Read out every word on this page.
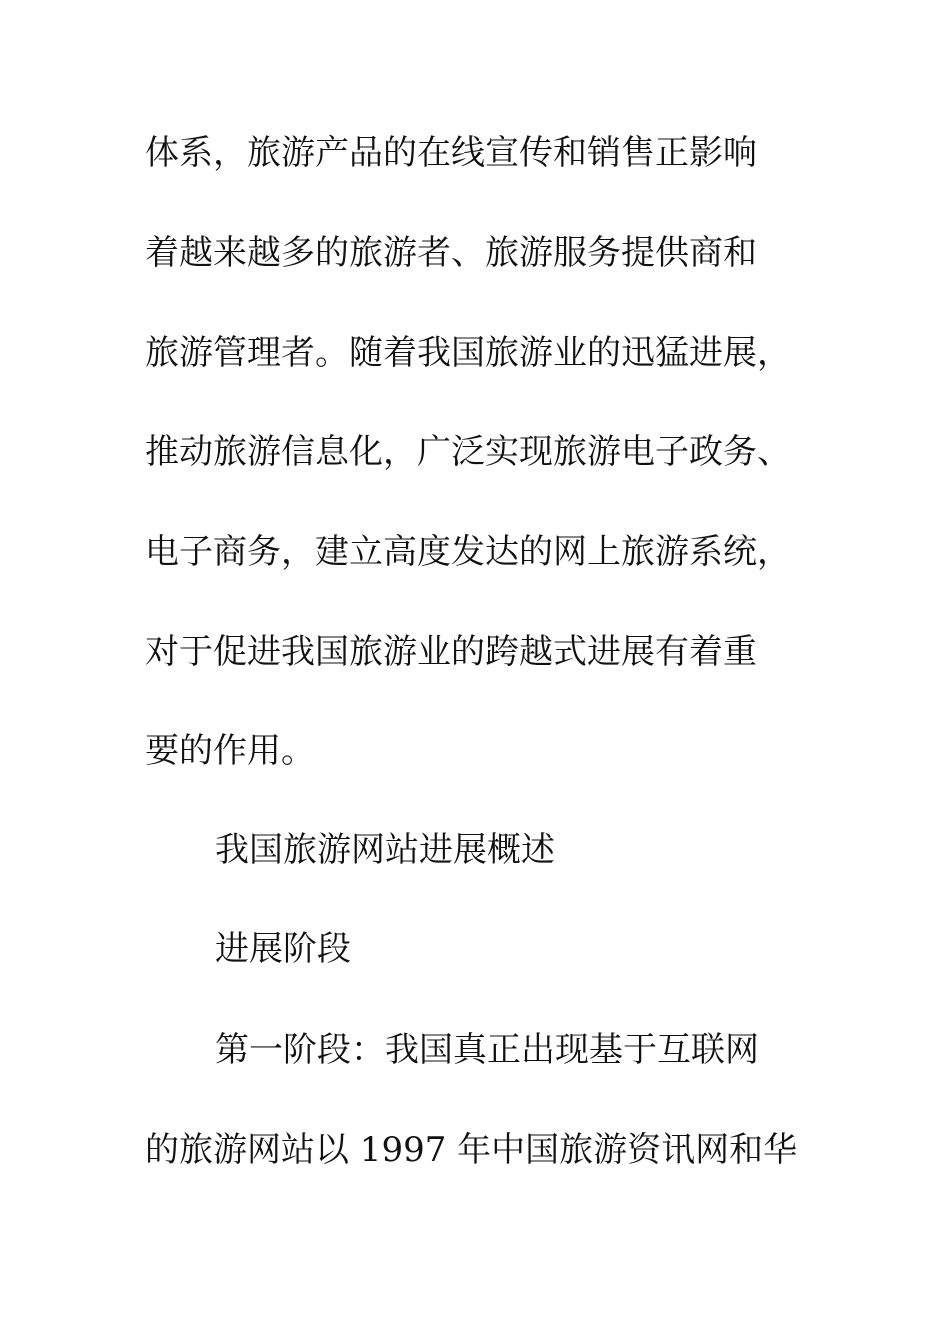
体系，旅游产品的在线宣传和销售正影响
着越来越多的旅游者、旅游服务提供商和
旅游管理者。随着我国旅游业的迅猛进展，
推动旅游信息化，广泛实现旅游电子政务、
电子商务，建立高度发达的网上旅游系统，
对于促进我国旅游业的跨越式进展有着重
要的作用。
我国旅游网站进展概述
进展阶段
第一阶段：我国真正出现基于互联网
的旅游网站以 1997 年中国旅游资讯网和华
